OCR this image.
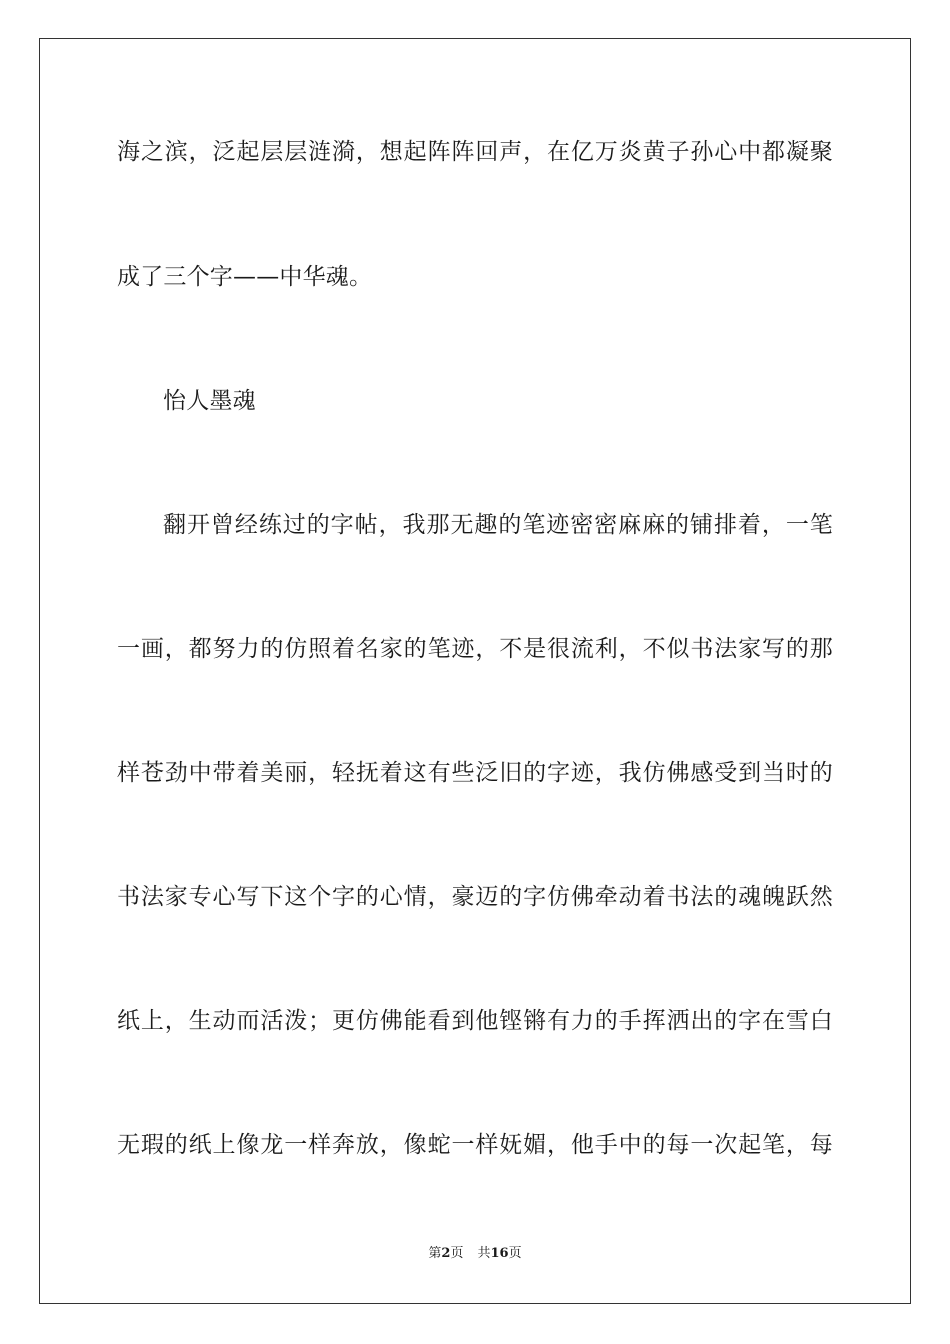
海之滨，泛起层层涟漪，想起阵阵回声，在亿万炎黄子孙心中都凝聚
成了三个字——中华魂。
怡人墨魂
翻开曾经练过的字帖，我那无趣的笔迹密密麻麻的铺排着，一笔
一画，都努力的仿照着名家的笔迹，不是很流利，不似书法家写的那
样苍劲中带着美丽，轻抚着这有些泛旧的字迹，我仿佛感受到当时的
书法家专心写下这个字的心情，豪迈的字仿佛牵动着书法的魂魄跃然
纸上，生动而活泼；更仿佛能看到他铿锵有力的手挥洒出的字在雪白
无瑕的纸上像龙一样奔放，像蛇一样妩媚，他手中的每一次起笔，每
第2页 共16页
